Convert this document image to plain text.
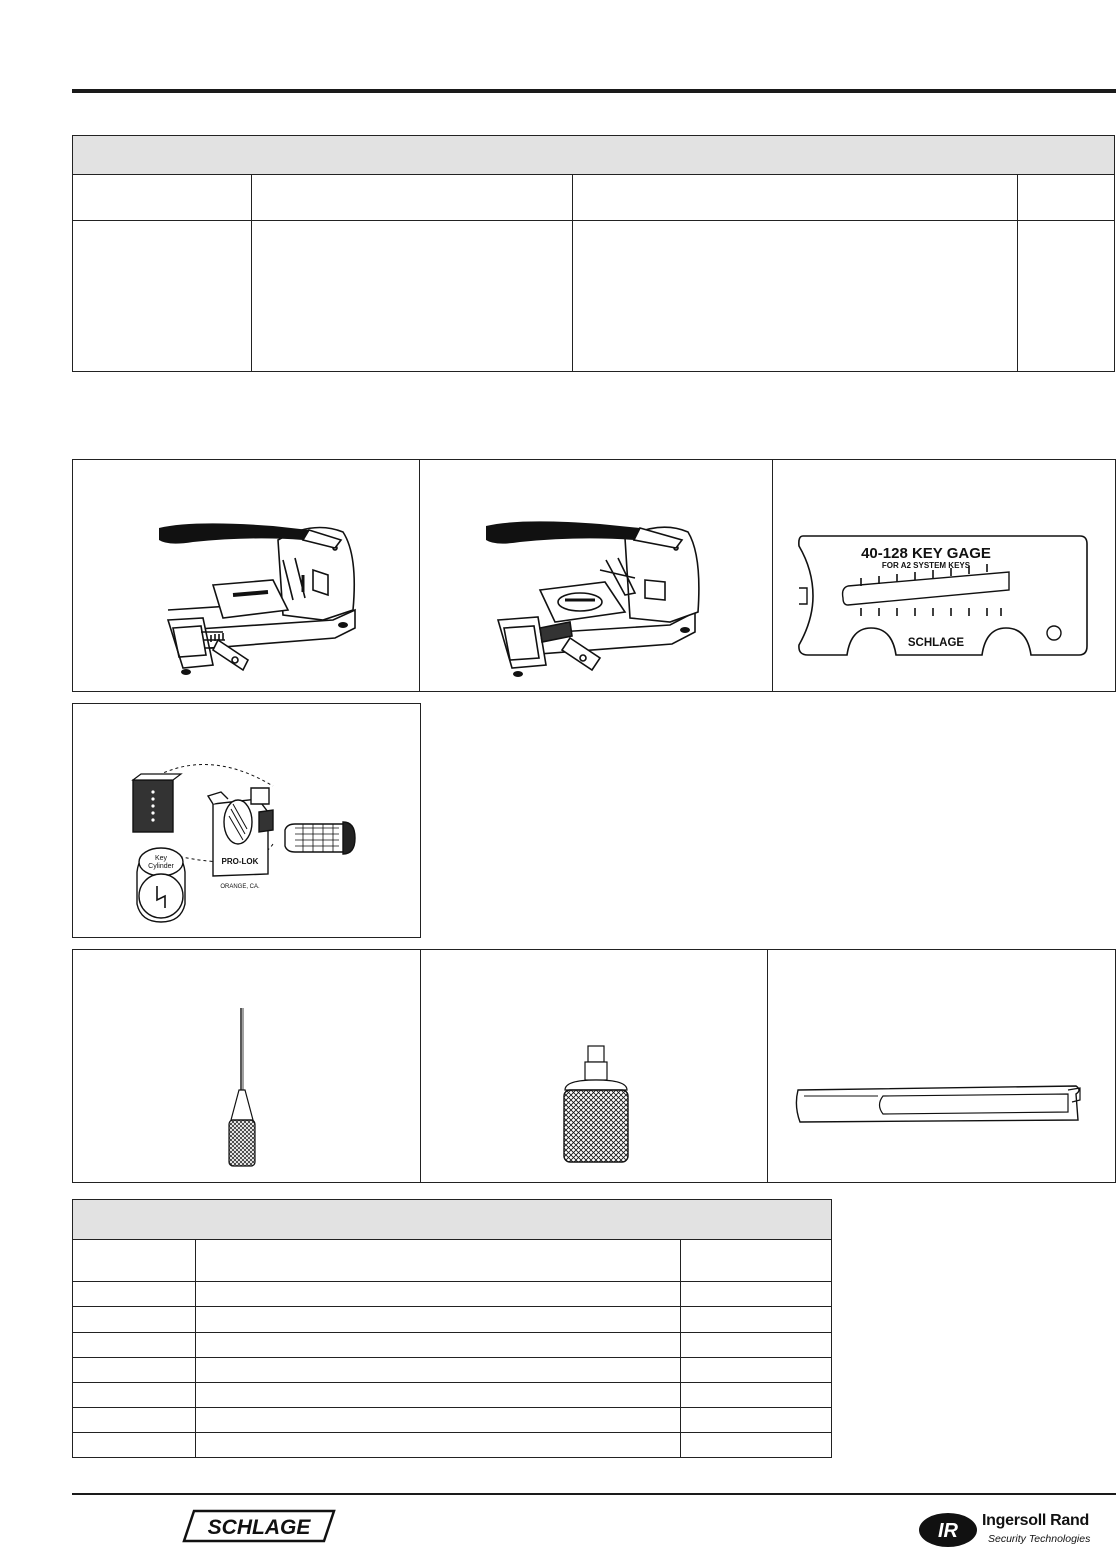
40-128 KEY GAGE
FOR A2 SYSTEM KEYS
SCHLAGE
Key
Cylinder
PRO-LOK
ORANGE, CA.
SCHLAGE	IR Ingersoll Rand
Security Technologies
